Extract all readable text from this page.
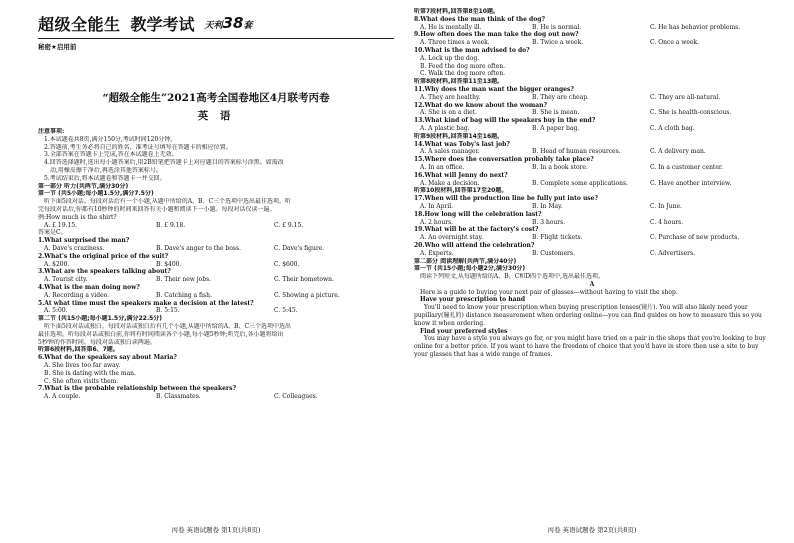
超级全能生 教学考试 天利38套
秘密★启用前
“超级全能生”2021高考全国卷地区4月联考丙卷
英 语
注意事项:
1.本试题卷共8页,满分150分,考试时间120分钟。
2.答题前,考生务必将自己的姓名、准考证号填写在答题卡的相应位置。
3.全部答案在答题卡上完成,答在本试题卷上无效。
4.回答选择题时,选出每小题答案后,用2B铅笔把答题卡上对应题目的答案标号涂黑。如需改
动,用橡皮擦干净后,再选涂其他答案标号。
5.考试结束后,将本试题卷和答题卡一并交回。
第一部分 听力(共两节,满分30分)
第一节 (共5小题;每小题1.5分,满分7.5分)
听下面5段对话。每段对话后有一个小题,从题中所给的A、B、C三个选项中选出最佳选项。听
完每段对话后,你都有10秒钟的时间来回答有关小题和阅读下一小题。每段对话仅读一遍。
例:How much is the shirt?
A. £ 19.15.	B. £ 9.18.	C. £ 9.15.
答案是C。
1.What surprised the man?
A. Dave's craziness.	B. Dave's anger to the boss.	C. Dave's figure.
2.What's the original price of the suit?
A. $200.	B. $400.	C. $600.
3.What are the speakers talking about?
A. Tourist city.	B. Their new jobs.	C. Their hometown.
4.What is the man doing now?
A. Recording a video.	B. Catching a fish.	C. Showing a picture.
5.At what time must the speakers make a decision at the latest?
A. 5:00.	B. 5:15.	C. 5:45.
第二节 (共15小题;每小题1.5分,满分22.5分)
听下面5段对话或独白。每段对话或独白后有几个小题,从题中所给的A、B、C三个选项中选出
最佳选项。听每段对话或独白前,你将有时间阅读各个小题,每小题5秒钟;听完后,各小题将给出
5秒钟的作答时间。每段对话或独白读两遍。
听第6段材料,回答第6、7题。
6.What do the speakers say about Maria?
A. She lives too far away.
B. She is dating with the man.
C. She often visits them.
7.What is the probable relationship between the speakers?
A. A couple.	B. Classmates.	C. Colleagues.
丙卷 英语试题卷 第1页(共8页)
听第7段材料,回答第8至10题。
8.What does the man think of the dog?
A. He is mentally ill.	B. He is normal.	C. He has behavior problems.
9.How often does the man take the dog out now?
A. Three times a week.	B. Twice a week.	C. Once a week.
10.What is the man advised to do?
A. Lock up the dog.
B. Feed the dog more often.
C. Walk the dog more often.
听第8段材料,回答第11至13题。
11.Why does the man want the bigger oranges?
A. They are healthy.	B. They are cheap.	C. They are all-natural.
12.What do we know about the woman?
A. She is on a diet.	B. She is mean.	C. She is health-conscious.
13.What kind of bag will the speakers buy in the end?
A. A plastic bag.	B. A paper bag.	C. A cloth bag.
听第9段材料,回答第14至16题。
14.What was Toby's last job?
A. A sales manager.	B. Head of human resources.	C. A delivery man.
15.Where does the conversation probably take place?
A. In an office.	B. In a book store.	C. In a customer center.
16.What will Jenny do next?
A. Make a decision.	B. Complete some applications.	C. Have another interview.
听第10段材料,回答第17至20题。
17.When will the production line be fully put into use?
A. In April.	B. In May.	C. In June.
18.How long will the celebration last?
A. 2 hours.	B. 3 hours.	C. 4 hours.
19.What will be at the factory's cost?
A. An overnight stay.	B. Flight tickets.	C. Purchase of new products.
20.Who will attend the celebration?
A. Experts.	B. Customers.	C. Advertisers.
第二部分 阅读理解(共两节,满分40分)
第一节 (共15小题;每小题2分,满分30分)
阅读下列短文,从每题所给的A、B、C和D四个选项中,选出最佳选项。
A
Here is a guide to buying your next pair of glasses—without having to visit the shop.
Have your prescription to hand
You'll need to know your prescription when buying prescription lenses(镜片). You will also likely need your pupillary(瞳孔的) distance measurement when ordering online—you can find guides on how to measure this so you know it when ordering.
Find your preferred styles
You may have a style you always go for, or you might have tried on a pair in the shops that you're looking to buy online for a better price. If you want to have the freedom of choice that you'd have in store then use a site to buy your glasses that has a wide range of frames.
丙卷 英语试题卷 第2页(共8页)
